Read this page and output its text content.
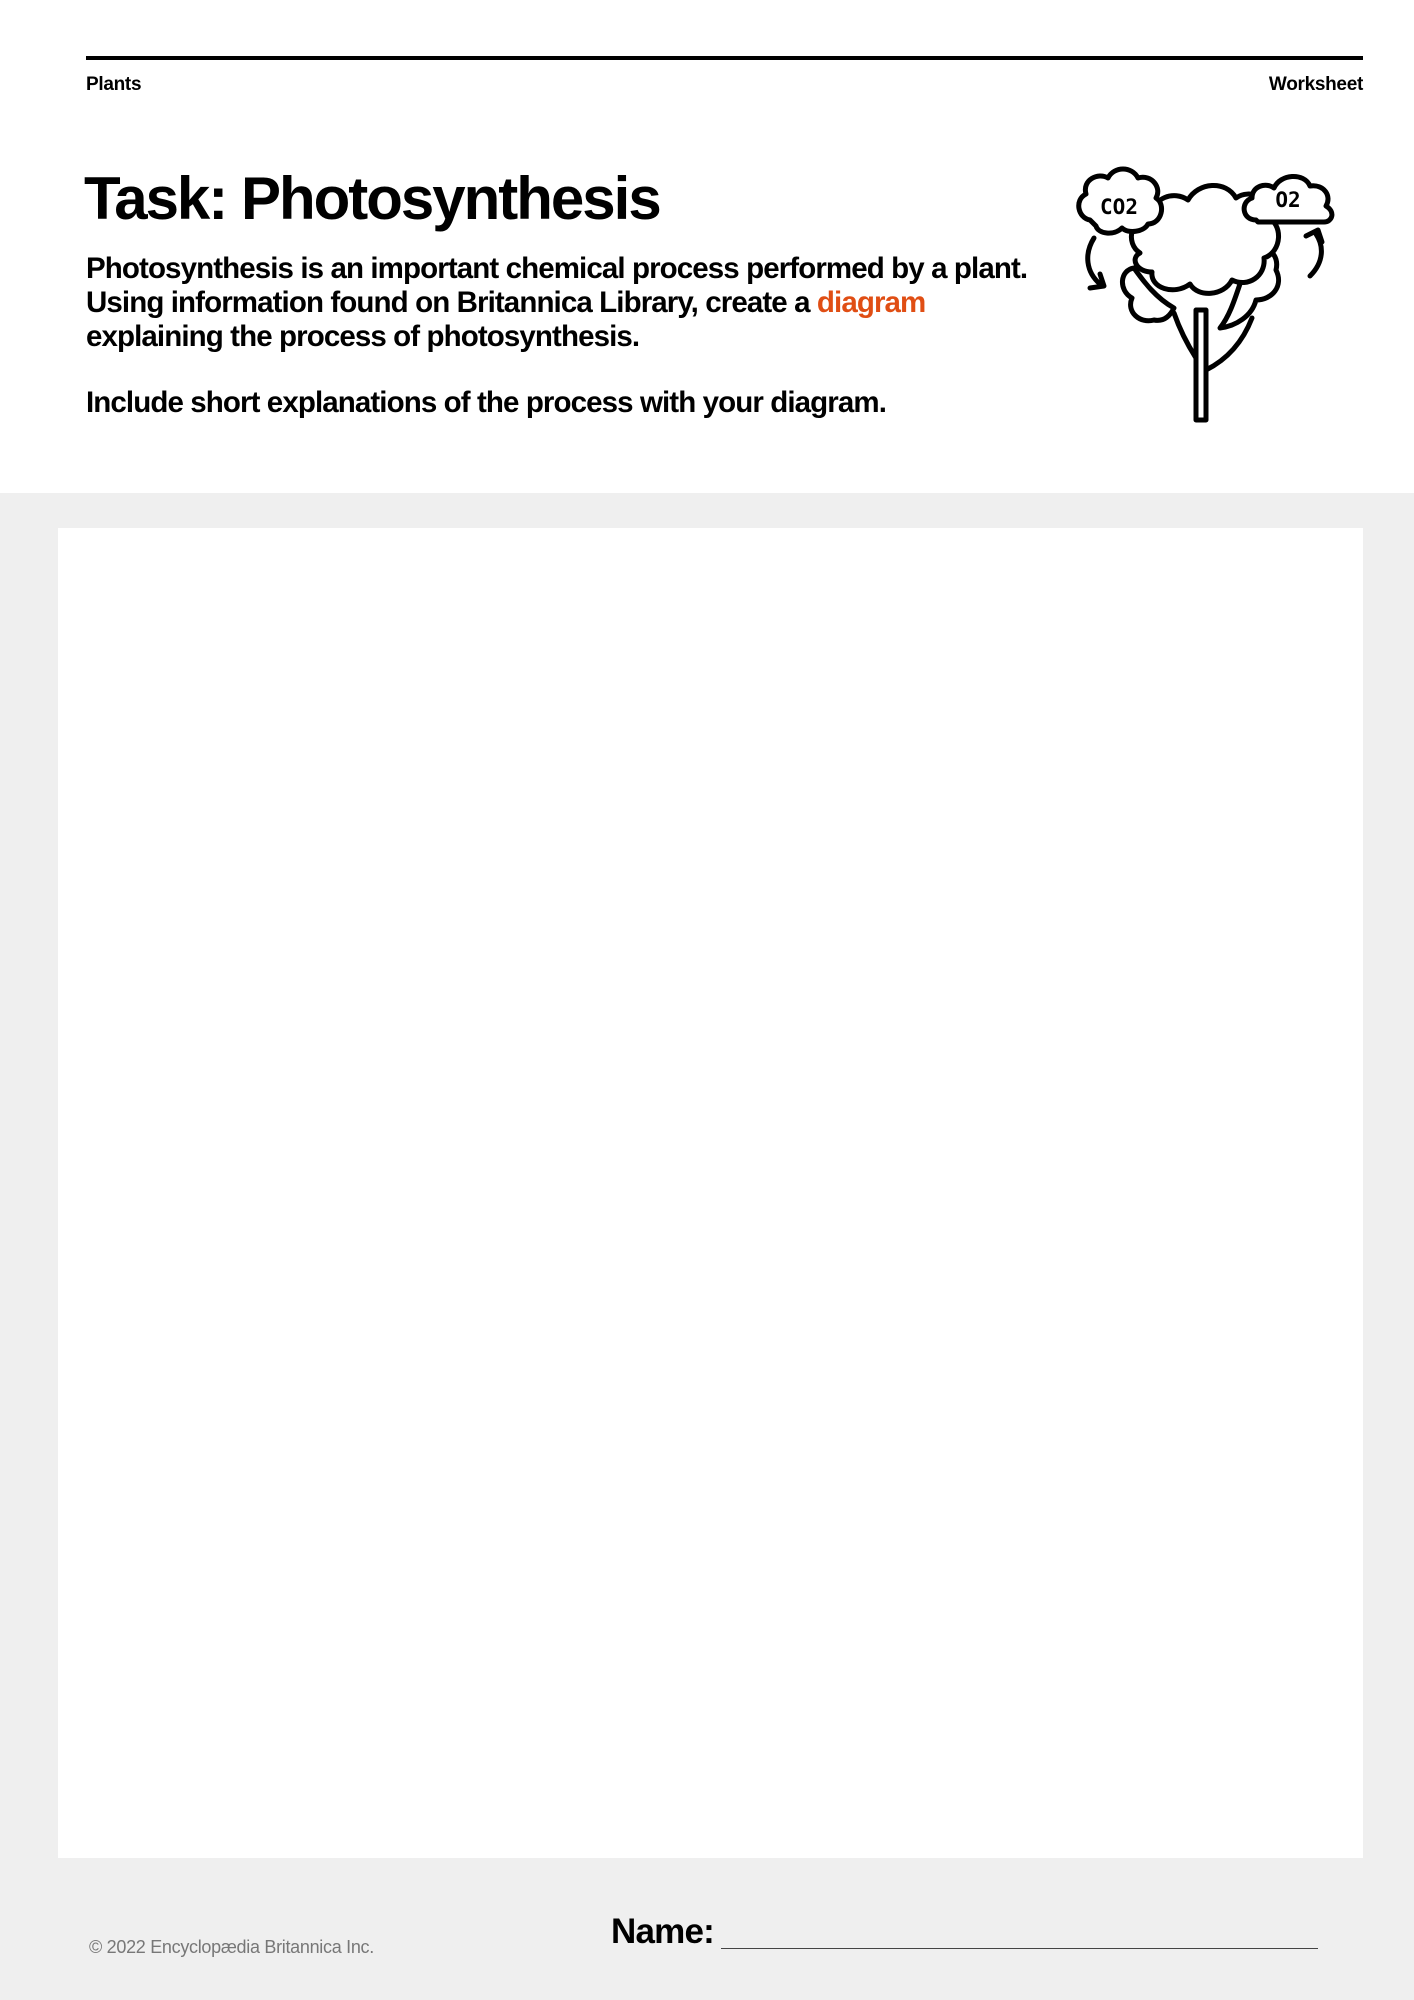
Plants	Worksheet
Task: Photosynthesis

Photosynthesis is an important chemical process performed by a plant. Using information found on Britannica Library, create a diagram explaining the process of photosynthesis.

Include short explanations of the process with your diagram.

CO2	O2
© 2022 Encyclopædia Britannica Inc.	Name:
